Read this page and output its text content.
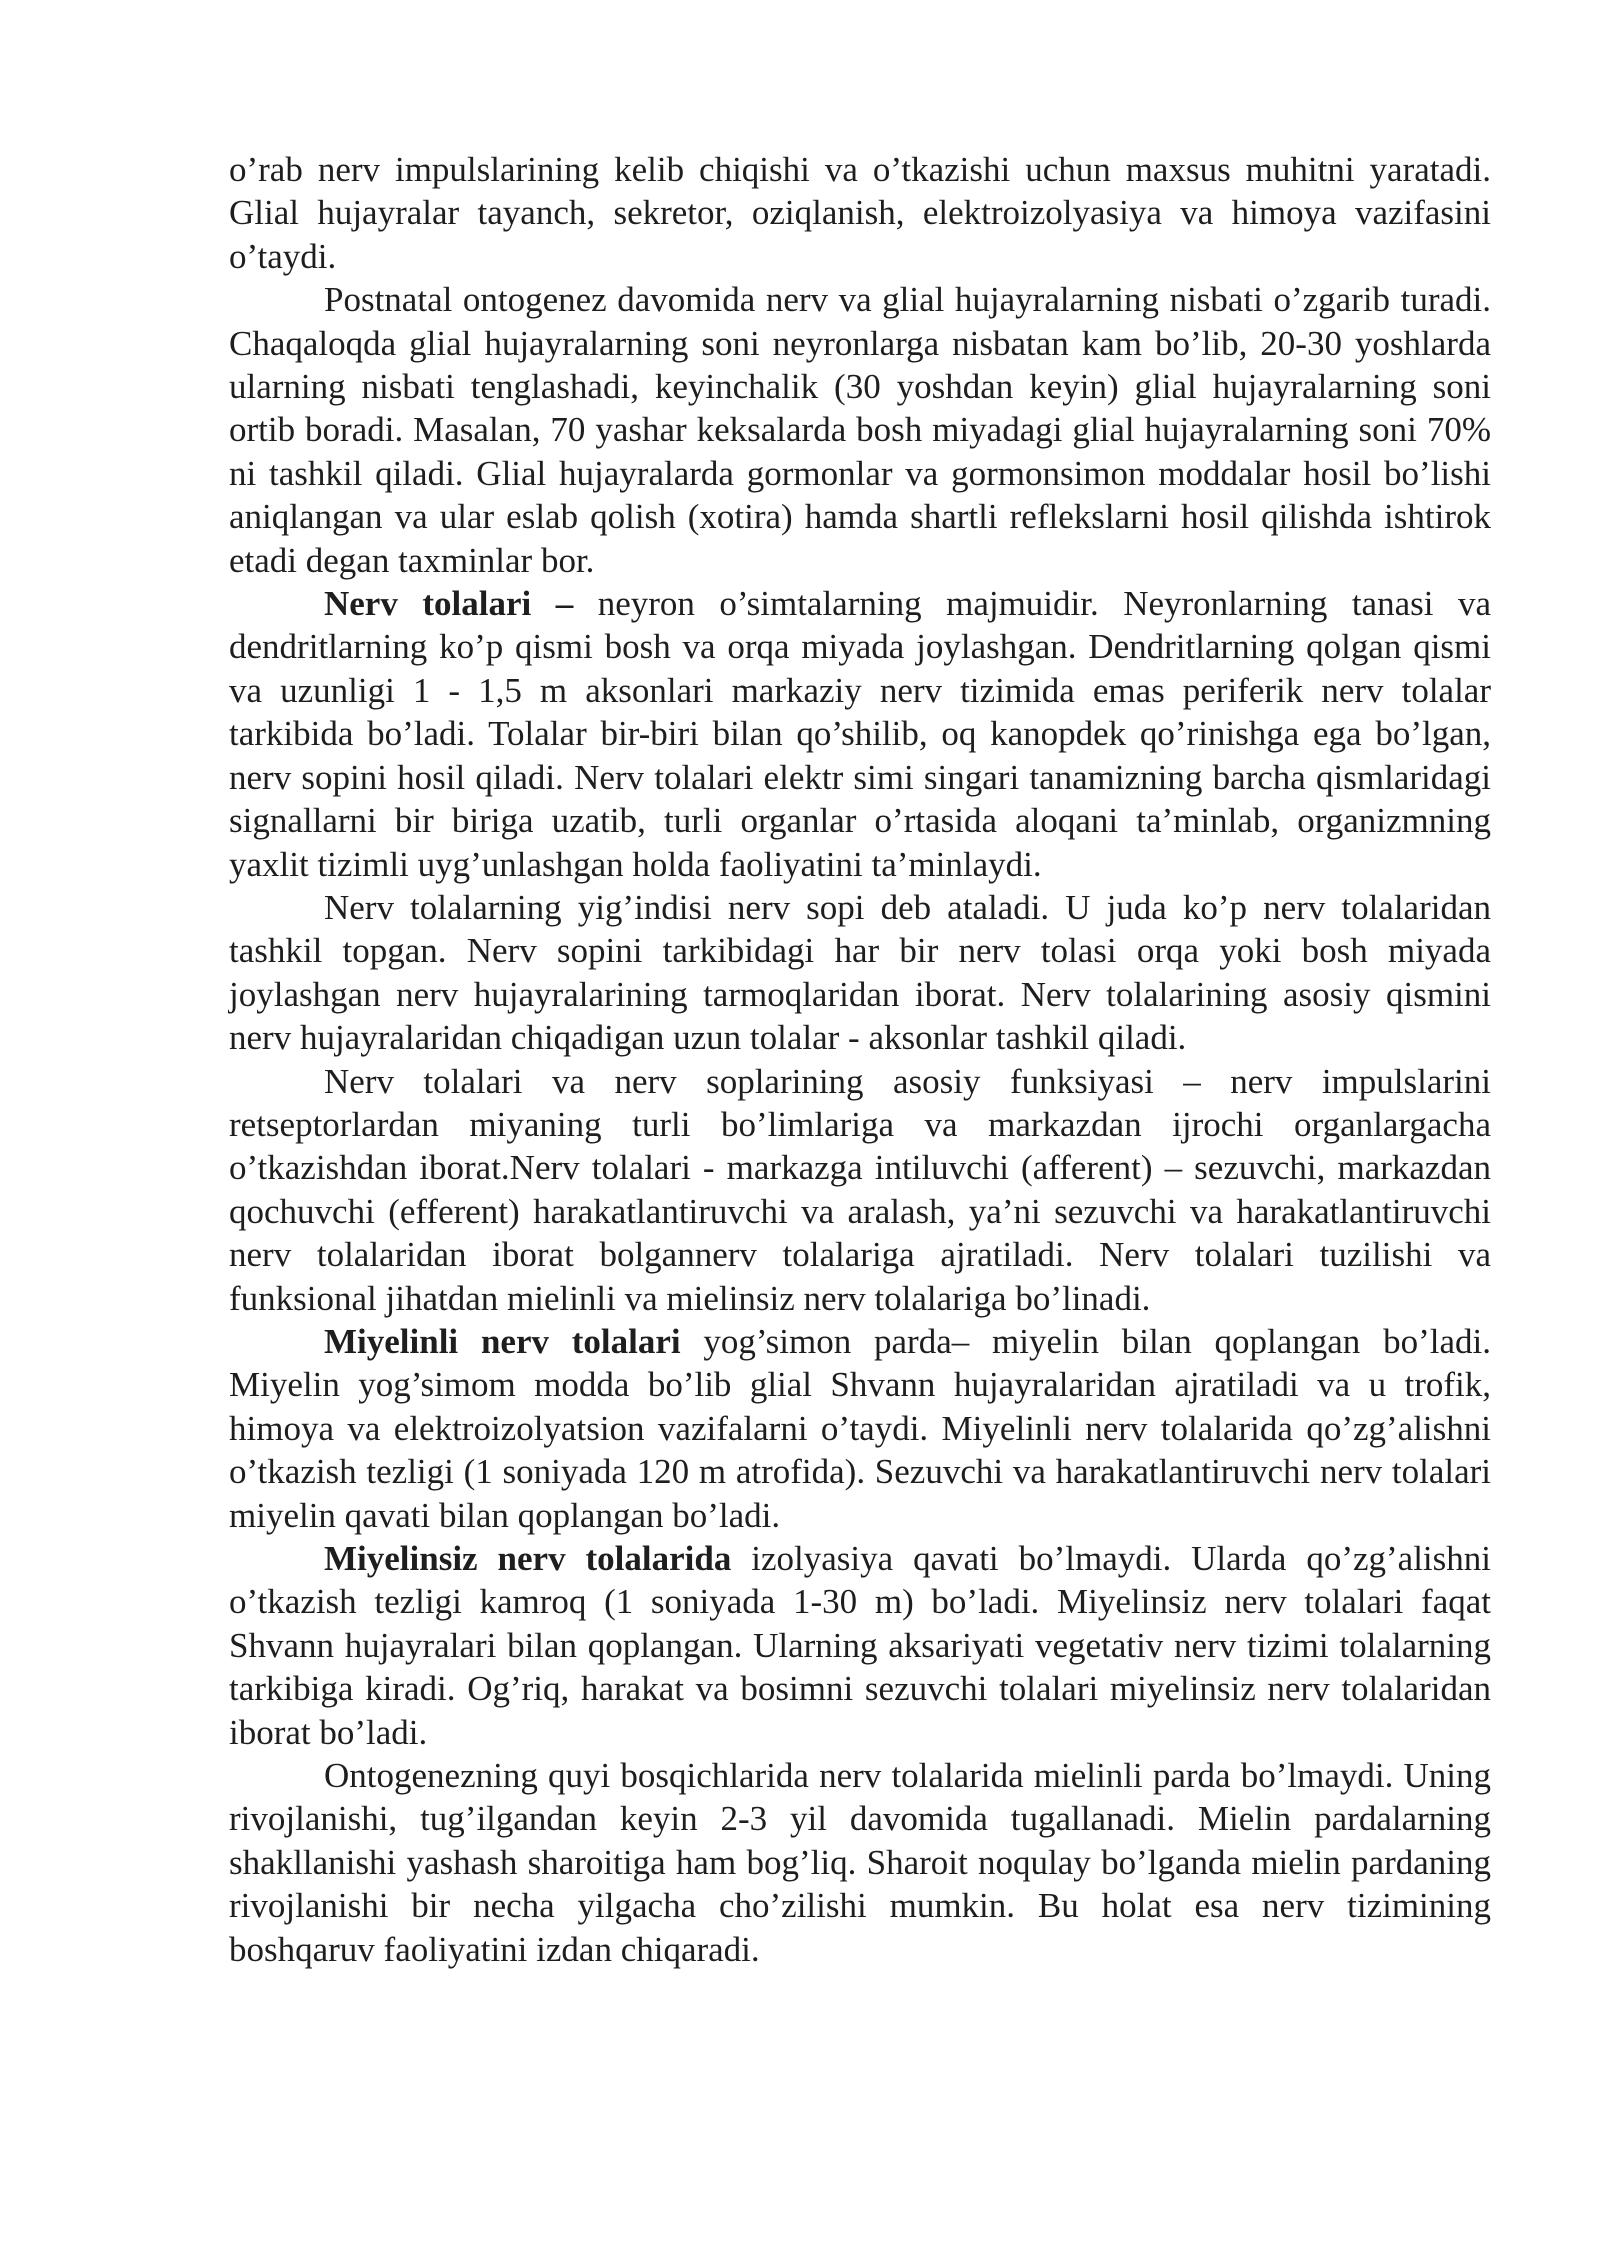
o’rab nerv impulslarining kelib chiqishi va o’tkazishi uchun maxsus muhitni yaratadi. Glial hujayralar tayanch, sekretor, oziqlanish, elektroizolyasiya va himoya vazifasini o’taydi.

Postnatal ontogenez davomida nerv va glial hujayralarning nisbati o’zgarib turadi. Chaqaloqda glial hujayralarning soni neyronlarga nisbatan kam bo’lib, 20-30 yoshlarda ularning nisbati tenglashadi, keyinchalik (30 yoshdan keyin) glial hujayralarning soni ortib boradi. Masalan, 70 yashar keksalarda bosh miyadagi glial hujayralarning soni 70% ni tashkil qiladi. Glial hujayralarda gormonlar va gormonsimon moddalar hosil bo’lishi aniqlangan va ular eslab qolish (xotira) hamda shartli reflekslarni hosil qilishda ishtirok etadi degan taxminlar bor.

Nerv tolalari – neyron o’simtalarning majmuidir. Neyronlarning tanasi va dendritlarning ko’p qismi bosh va orqa miyada joylashgan. Dendritlarning qolgan qismi va uzunligi 1 - 1,5 m aksonlari markaziy nerv tizimida emas periferik nerv tolalar tarkibida bo’ladi. Tolalar bir-biri bilan qo’shilib, oq kanopdek qo’rinishga ega bo’lgan, nerv sopini hosil qiladi. Nerv tolalari elektr simi singari tanamizning barcha qismlaridagi signallarni bir biriga uzatib, turli organlar o’rtasida aloqani ta’minlab, organizmning yaxlit tizimli uyg’unlashgan holda faoliyatini ta’minlaydi.

Nerv tolalarning yig’indisi nerv sopi deb ataladi. U juda ko’p nerv tolalaridan tashkil topgan. Nerv sopini tarkibidagi har bir nerv tolasi orqa yoki bosh miyada joylashgan nerv hujayralarining tarmoqlaridan iborat. Nerv tolalarining asosiy qismini nerv hujayralaridan chiqadigan uzun tolalar - aksonlar tashkil qiladi.

Nerv tolalari va nerv soplarining asosiy funksiyasi – nerv impulslarini retseptorlardan miyaning turli bo’limlariga va markazdan ijrochi organlargacha o’tkazishdan iborat.Nerv tolalari - markazga intiluvchi (afferent) – sezuvchi, markazdan qochuvchi (efferent) harakatlantiruvchi va aralash, ya’ni sezuvchi va harakatlantiruvchi nerv tolalaridan iborat bolgannerv tolalariga ajratiladi. Nerv tolalari tuzilishi va funksional jihatdan mielinli va mielinsiz nerv tolalariga bo’linadi.

Miyelinli nerv tolalari yog’simon parda– miyelin bilan qoplangan bo’ladi. Miyelin yog’simom modda bo’lib glial Shvann hujayralaridan ajratiladi va u trofik, himoya va elektroizolyatsion vazifalarni o’taydi. Miyelinli nerv tolalarida qo’zg’alishni o’tkazish tezligi (1 soniyada 120 m atrofida). Sezuvchi va harakatlantiruvchi nerv tolalari miyelin qavati bilan qoplangan bo’ladi.

Miyelinsiz nerv tolalarida izolyasiya qavati bo’lmaydi. Ularda qo’zg’alishni o’tkazish tezligi kamroq (1 soniyada 1-30 m) bo’ladi. Miyelinsiz nerv tolalari faqat Shvann hujayralari bilan qoplangan. Ularning aksariyati vegetativ nerv tizimi tolalarning tarkibiga kiradi. Og’riq, harakat va bosimni sezuvchi tolalari miyelinsiz nerv tolalaridan iborat bo’ladi.

Ontogenezning quyi bosqichlarida nerv tolalarida mielinli parda bo’lmaydi. Uning rivojlanishi, tug’ilgandan keyin 2-3 yil davomida tugallanadi. Mielin pardalarning shakllanishi yashash sharoitiga ham bog’liq. Sharoit noqulay bo’lganda mielin pardaning rivojlanishi bir necha yilgacha cho’zilishi mumkin. Bu holat esa nerv tizimining boshqaruv faoliyatini izdan chiqaradi.
